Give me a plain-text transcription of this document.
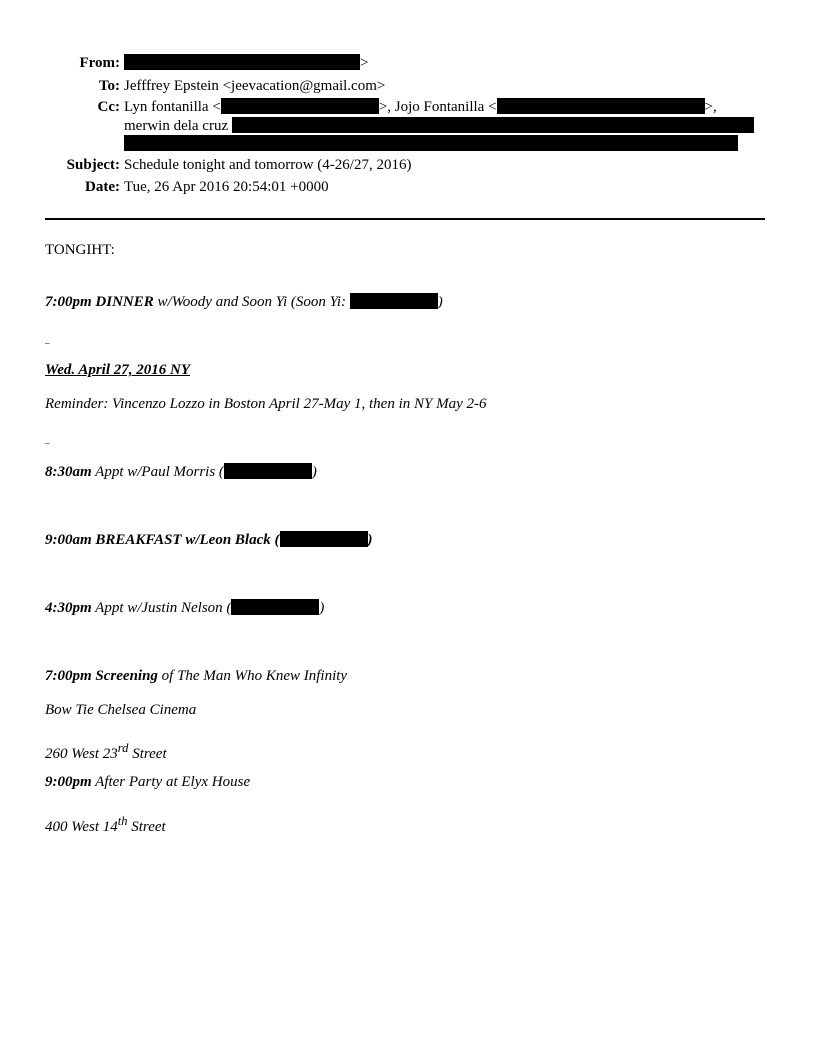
From:	>
To: Jefffrey Epstein <jeevacation@gmail.com>
Cc: Lyn fontanilla <	>, Jojo Fontanilla <	>,
merwin dela cruz
Subject: Schedule tonight and tomorrow (4-26/27, 2016)
Date: Tue, 26 Apr 2016 20:54:01 +0000
TONGIHT:
7:00pm DINNER w/Woody and Soon Yi (Soon Yi:	)
_
Wed. April 27, 2016 NY
Reminder: Vincenzo Lozzo in Boston April 27-May 1, then in NY May 2-6
_
8:30am Appt w/Paul Morris (	)
9:00am BREAKFAST w/Leon Black (	)
4:30pm Appt w/Justin Nelson (	)
7:00pm Screening of The Man Who Knew Infinity
Bow Tie Chelsea Cinema
260 West 23rd Street
9:00pm After Party at Elyx House
400 West 14th Street
